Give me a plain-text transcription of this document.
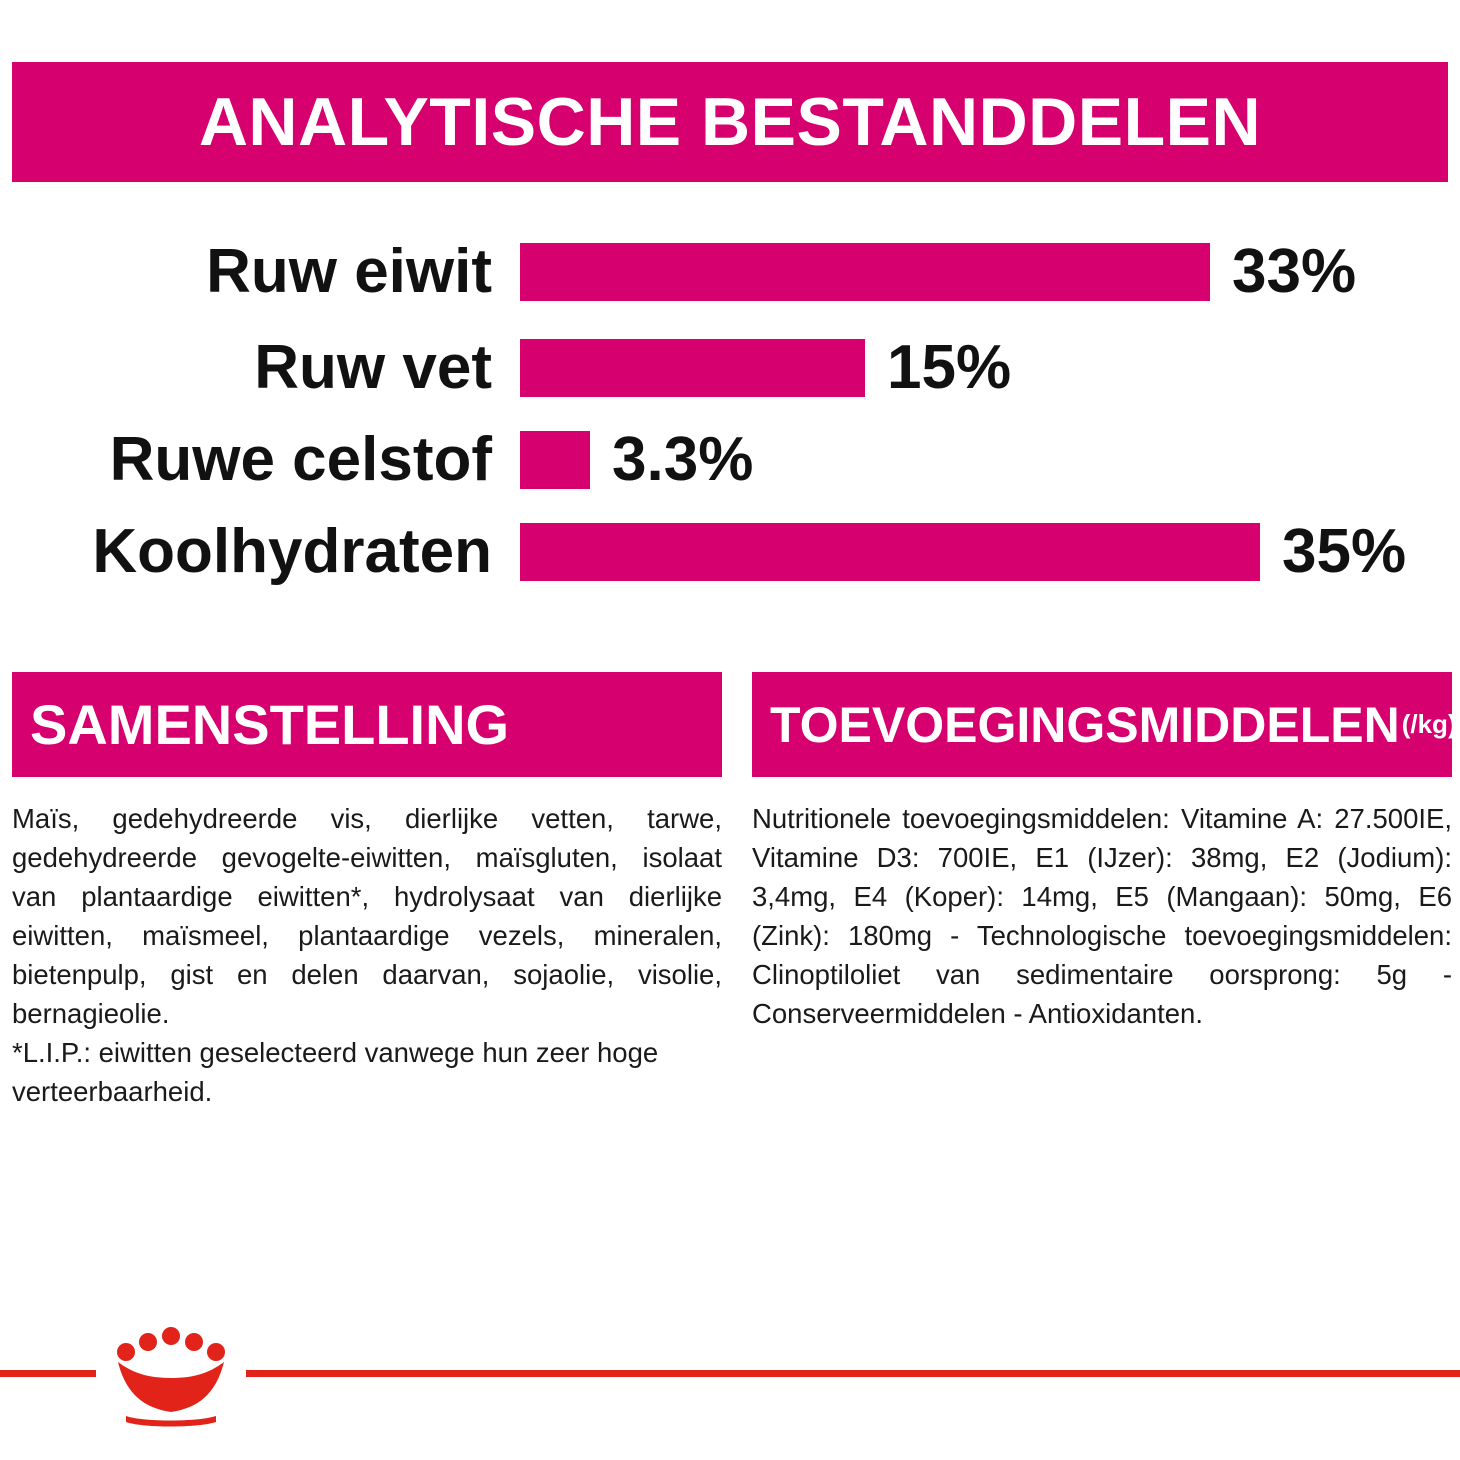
ANALYTISCHE BESTANDDELEN
Ruw eiwit	33%
Ruw vet	15%
Ruwe celstof	3.3%
Koolhydraten	35%
SAMENSTELLING
Maïs, gedehydreerde vis, dierlijke vetten, tarwe, gedehydreerde gevogelte-eiwitten, maïsgluten, isolaat van plantaardige eiwitten*, hydrolysaat van dierlijke eiwitten, maïsmeel, plantaardige vezels, mineralen, bietenpulp, gist en delen daarvan, sojaolie, visolie, bernagieolie.
*L.I.P.: eiwitten geselecteerd vanwege hun zeer hoge verteerbaarheid.
TOEVOEGINGSMIDDELEN (/kg)
Nutritionele toevoegingsmiddelen: Vitamine A: 27.500IE, Vitamine D3: 700IE, E1 (IJzer): 38mg, E2 (Jodium): 3,4mg, E4 (Koper): 14mg, E5 (Mangaan): 50mg, E6 (Zink): 180mg - Technologische toevoegingsmiddelen: Clinoptiloliet van sedimentaire oorsprong: 5g - Conserveermiddelen - Antioxidanten.
